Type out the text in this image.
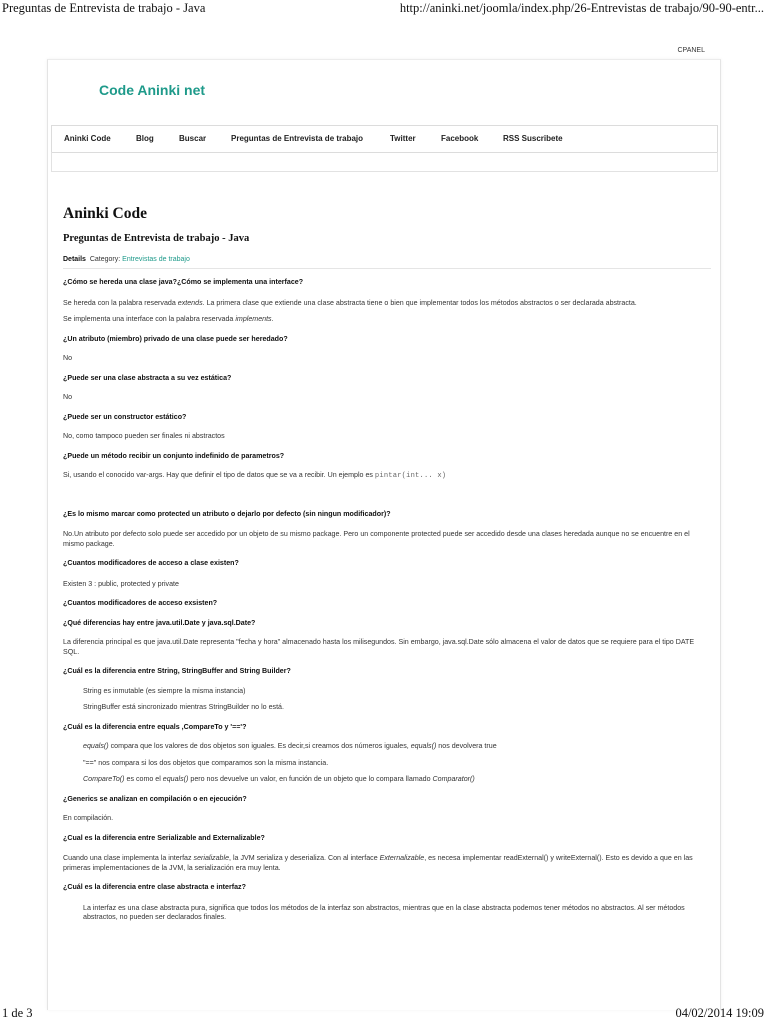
Preguntas de Entrevista de trabajo - Java	http://aninki.net/joomla/index.php/26-Entrevistas de trabajo/90-90-entr...
CPANEL
Code Aninki net
Aninki Code	Blog	Buscar	Preguntas de Entrevista de trabajo	Twitter	Facebook	RSS Suscribete
Aninki Code
Preguntas de Entrevista de trabajo - Java
Details Category: Entrevistas de trabajo
¿Cómo se hereda una clase java?¿Cómo se implementa una interface?
Se hereda con la palabra reservada extends. La primera clase que extiende una clase abstracta tiene o bien que implementar todos los métodos abstractos o ser declarada abstracta.
Se implementa una interface con la palabra reservada implements.
¿Un atributo (miembro) privado de una clase puede ser heredado?
No
¿Puede ser una clase abstracta a su vez estática?
No
¿Puede ser un constructor estático?
No, como tampoco pueden ser finales ni abstractos
¿Puede un método recibir un conjunto indefinido de parametros?
Si, usando el conocido var-args. Hay que definir el tipo de datos que se va a recibir. Un ejemplo es pintar(int... x)
¿Es lo mismo marcar como protected un atributo o dejarlo por defecto (sin ningun modificador)?
No.Un atributo por defecto solo puede ser accedido por un objeto de su mismo package. Pero un componente protected puede ser accedido desde una clases heredada aunque no se encuentre en el mismo package.
¿Cuantos modificadores de acceso a clase existen?
Existen 3 : public, protected y private
¿Cuantos modificadores de acceso exsisten?
¿Qué diferencias hay entre java.util.Date y java.sql.Date?
La diferencia principal es que java.util.Date representa "fecha y hora" almacenado hasta los milisegundos. Sin embargo, java.sql.Date sólo almacena el valor de datos que se requiere para el tipo DATE SQL.
¿Cuál es la diferencia entre String, StringBuffer and String Builder?
String es inmutable (es siempre la misma instancia)
StringBuffer está sincronizado mientras StringBuilder no lo está.
¿Cuál es la diferencia entre equals ,CompareTo y '=='?
equals() compara que los valores de dos objetos son iguales. Es decir,si creamos dos números iguales, equals() nos devolvera true
"==" nos compara si los dos objetos que comparamos son la misma instancia.
CompareTo() es como el equals() pero nos devuelve un valor, en función de un objeto que lo compara llamado Comparator()
¿Generics se analizan en compilación o en ejecución?
En compilación.
¿Cual es la diferencia entre Serializable and Externalizable?
Cuando una clase implementa la interfaz serializable, la JVM serializa y deserializa. Con al interface Externalizable, es necesa implementar readExternal() y writeExternal(). Esto es devido a que en las primeras implementaciones de la JVM, la serialización era muy lenta.
¿Cuál es la diferencia entre clase abstracta e interfaz?
La interfaz es una clase abstracta pura, significa que todos los métodos de la interfaz son abstractos, mientras que en la clase abstracta podemos tener métodos no abstractos. Al ser métodos abstractos, no pueden ser declarados finales.
1 de 3	04/02/2014 19:09
